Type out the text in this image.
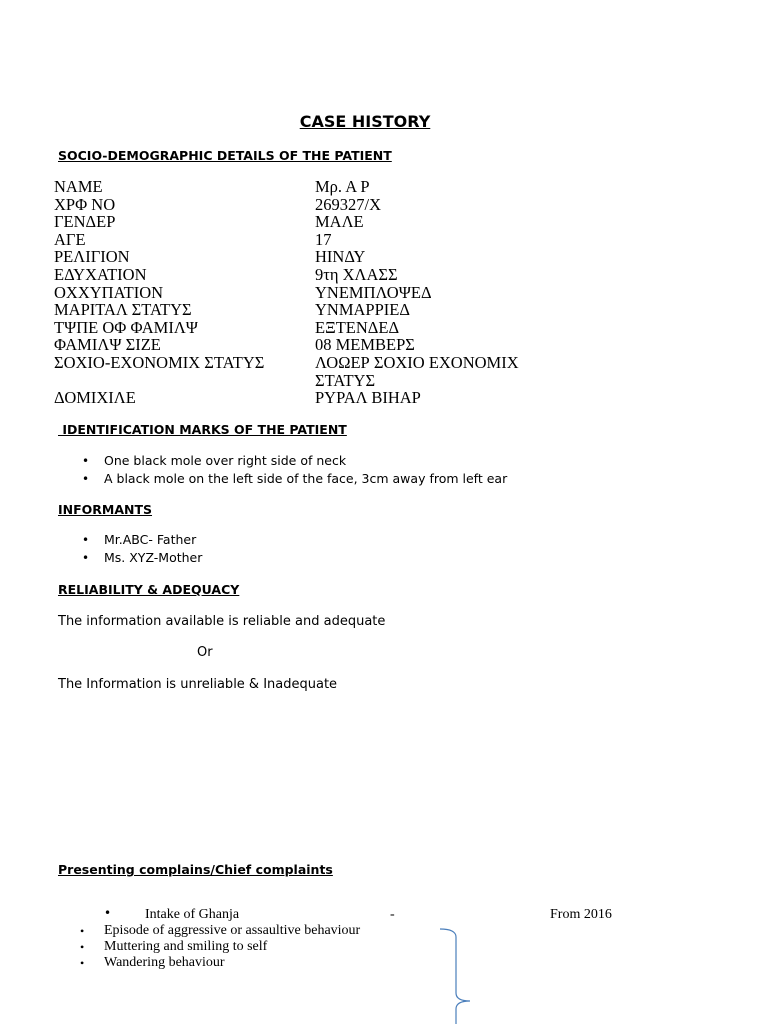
CASE HISTORY
SOCIO-DEMOGRAPHIC DETAILS OF THE PATIENT
ΝΑΜΕ	Μρ. Α Ρ
ΧΡΦ ΝΟ	269327/Χ
ΓΕΝΔΕΡ	ΜΑΛΕ
ΑΓΕ	17
ΡΕΛΙΓΙΟΝ	ΗΙΝΔΥ
ΕΔΥΧΑΤΙΟΝ	9τη ΧΛΑΣΣ
ΟΧΧΥΠΑΤΙΟΝ	ΥΝΕΜΠΛΟΨΕΔ
ΜΑΡΙΤΑΛ ΣΤΑΤΥΣ	ΥΝΜΑΡΡΙΕΔ
ΤΨΠΕ ΟΦ ΦΑΜΙΛΨ	ΕΞΤΕΝΔΕΔ
ΦΑΜΙΛΨ ΣΙΖΕ	08 ΜΕΜΒΕΡΣ
ΣΟΧΙΟ-ΕΧΟΝΟΜΙΧ ΣΤΑΤΥΣ	ΛΟΩΕΡ ΣΟΧΙΟ ΕΧΟΝΟΜΙΧ
ΣΤΑΤΥΣ
ΔΟΜΙΧΙΛΕ	ΡΥΡΑΛ ΒΙΗΑΡ
IDENTIFICATION MARKS OF THE PATIENT
• One black mole over right side of neck
• A black mole on the left side of the face, 3cm away from left ear
INFORMANTS
• Mr.ABC- Father
• Ms. XYZ-Mother
RELIABILITY & ADEQUACY
The information available is reliable and adequate
Or
The Information is unreliable & Inadequate
Presenting complains/Chief complaints
• Intake of Ghanja	-	From 2016
• Episode of aggressive or assaultive behaviour
• Muttering and smiling to self
• Wandering behaviour
